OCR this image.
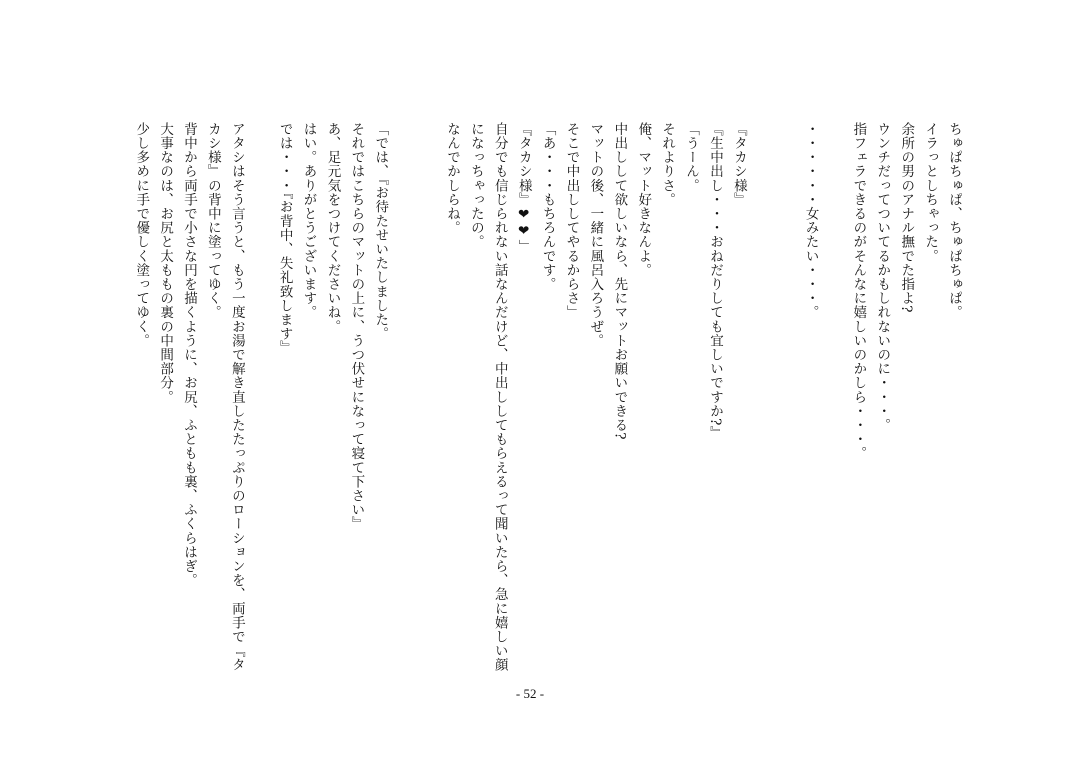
ちゅぱちゅぱ、ちゅぱちゅぱ。
イラっとしちゃった。
余所の男のアナル撫でた指よ?
ウンチだってついてるかもしれないのに・・・。
指フェラできるのがそんなに嬉しいのかしら・・・。

・・・・・・女みたい・・・。

『タカシ様』
『生中出し・・・おねだりしても宜しいですか?』
「うーん。
それよりさ。
俺、マット好きなんよ。
中出しして欲しいなら、先にマットお願いできる?
マットの後、一緒に風呂入ろうぜ。
そこで中出ししてやるからさ」
「あ・・・もちろんです。
『タカシ様』❤❤」
自分でも信じられない話なんだけど、中出ししてもらえるって聞いたら、急に嬉しい顔
になっちゃったの。
なんでかしらね。

「では、『お待たせいたしました。
それではこちらのマットの上に、うつ伏せになって寝て下さい』
あ、足元気をつけてくださいね。
はい。ありがとうございます。
では・・・『お背中、失礼致します』

アタシはそう言うと、もう一度お湯で解き直したたっぷりのローションを、両手で『タ
カシ様』の背中に塗ってゆく。
背中から両手で小さな円を描くように、お尻、ふともも裏、ふくらはぎ。
大事なのは、お尻と太ももの裏の中間部分。
少し多めに手で優しく塗ってゆく。
- 52 -
